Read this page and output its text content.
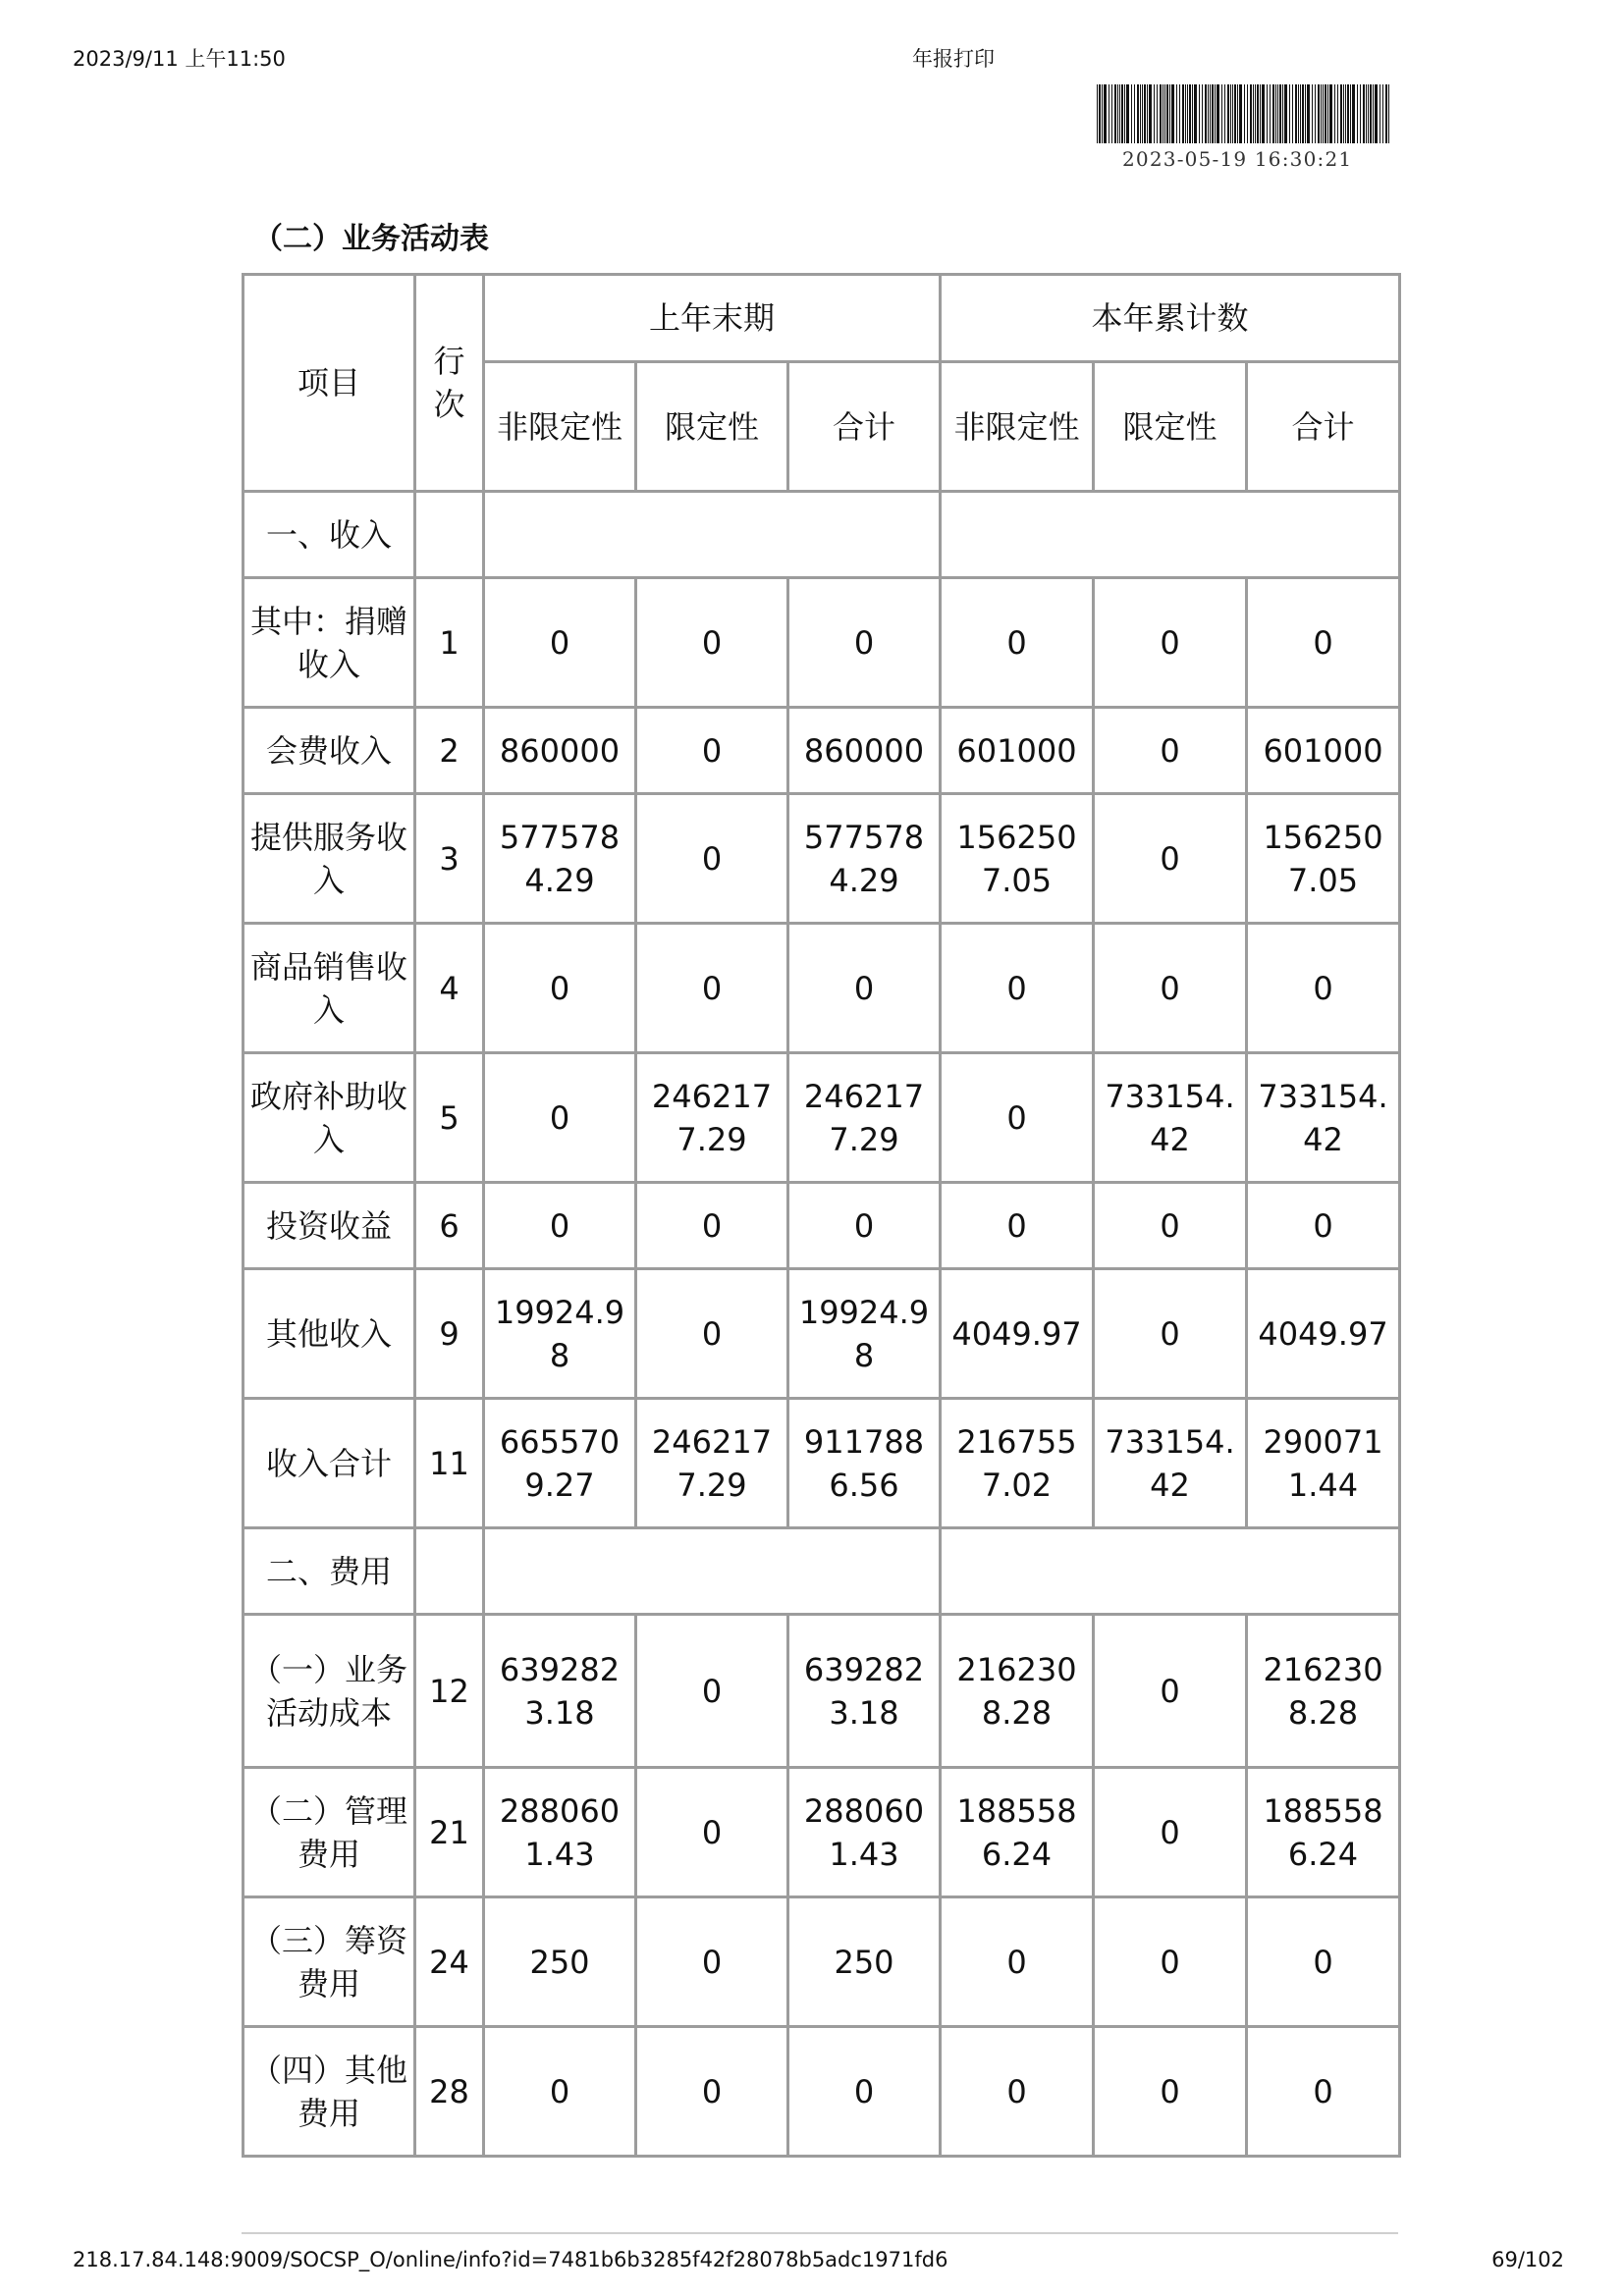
2023/9/11 上午11:50	年报打印
2023-05-19 16:30:21
（二）业务活动表
项目	行次	上年末期			本年累计数		
		非限定性	限定性	合计	非限定性	限定性	合计
一、收入							
其中：捐赠收入	1	0	0	0	0	0	0
会费收入	2	860000	0	860000	601000	0	601000
提供服务收入	3	5775784.29	0	5775784.29	1562507.05	0	1562507.05
商品销售收入	4	0	0	0	0	0	0
政府补助收入	5	0	2462177.29	2462177.29	0	733154.42	733154.42
投资收益	6	0	0	0	0	0	0
其他收入	9	19924.98	0	19924.98	4049.97	0	4049.97
收入合计	11	6655709.27	2462177.29	9117886.56	2167557.02	733154.42	2900711.44
二、费用							
（一）业务活动成本	12	6392823.18	0	6392823.18	2162308.28	0	2162308.28
（二）管理费用	21	2880601.43	0	2880601.43	1885586.24	0	1885586.24
（三）筹资费用	24	250	0	250	0	0	0
（四）其他费用	28	0	0	0	0	0	0
218.17.84.148:9009/SOCSP_O/online/info?id=7481b6b3285f42f28078b5adc1971fd6	69/102
